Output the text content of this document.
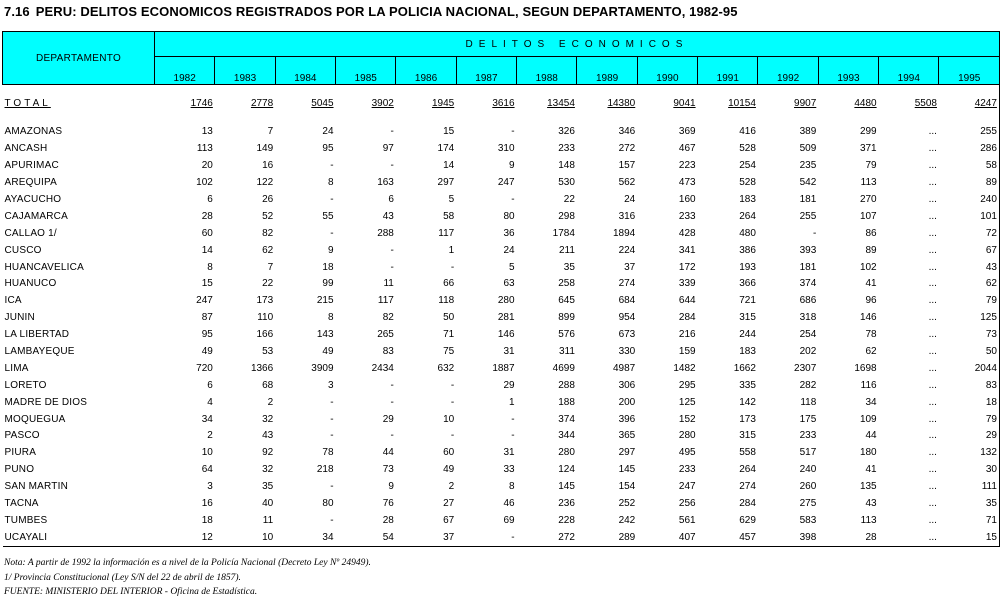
7.16 PERU: DELITOS ECONOMICOS REGISTRADOS POR LA POLICIA NACIONAL, SEGUN DEPARTAMENTO, 1982-95
DEPARTAMENTO	DELITOS ECONOMICOS													
	1982	1983	1984	1985	1986	1987	1988	1989	1990	1991	1992	1993	1994	1995
TOTAL	1746	2778	5045	3902	1945	3616	13454	14380	9041	10154	9907	4480	5508	4247

AMAZONAS	13	7	24	-	15	-	326	346	369	416	389	299	...	255
ANCASH	113	149	95	97	174	310	233	272	467	528	509	371	...	286
APURIMAC	20	16	-	-	14	9	148	157	223	254	235	79	...	58
AREQUIPA	102	122	8	163	297	247	530	562	473	528	542	113	...	89
AYACUCHO	6	26	-	6	5	-	22	24	160	183	181	270	...	240
CAJAMARCA	28	52	55	43	58	80	298	316	233	264	255	107	...	101
CALLAO 1/	60	82	-	288	117	36	1784	1894	428	480	-	86	...	72
CUSCO	14	62	9	-	1	24	211	224	341	386	393	89	...	67
HUANCAVELICA	8	7	18	-	-	5	35	37	172	193	181	102	...	43
HUANUCO	15	22	99	11	66	63	258	274	339	366	374	41	...	62
ICA	247	173	215	117	118	280	645	684	644	721	686	96	...	79
JUNIN	87	110	8	82	50	281	899	954	284	315	318	146	...	125
LA LIBERTAD	95	166	143	265	71	146	576	673	216	244	254	78	...	73
LAMBAYEQUE	49	53	49	83	75	31	311	330	159	183	202	62	...	50
LIMA	720	1366	3909	2434	632	1887	4699	4987	1482	1662	2307	1698	...	2044
LORETO	6	68	3	-	-	29	288	306	295	335	282	116	...	83
MADRE DE DIOS	4	2	-	-	-	1	188	200	125	142	118	34	...	18
MOQUEGUA	34	32	-	29	10	-	374	396	152	173	175	109	...	79
PASCO	2	43	-	-	-	-	344	365	280	315	233	44	...	29
PIURA	10	92	78	44	60	31	280	297	495	558	517	180	...	132
PUNO	64	32	218	73	49	33	124	145	233	264	240	41	...	30
SAN MARTIN	3	35	-	9	2	8	145	154	247	274	260	135	...	111
TACNA	16	40	80	76	27	46	236	252	256	284	275	43	...	35
TUMBES	18	11	-	28	67	69	228	242	561	629	583	113	...	71
UCAYALI	12	10	34	54	37	-	272	289	407	457	398	28	...	15
Nota: A partir de 1992 la información es a nivel de la Policía Nacional (Decreto Ley Nº 24949).
1/ Provincia Constitucional (Ley S/N del 22 de abril de 1857).
FUENTE: MINISTERIO DEL INTERIOR - Oficina de Estadística.
